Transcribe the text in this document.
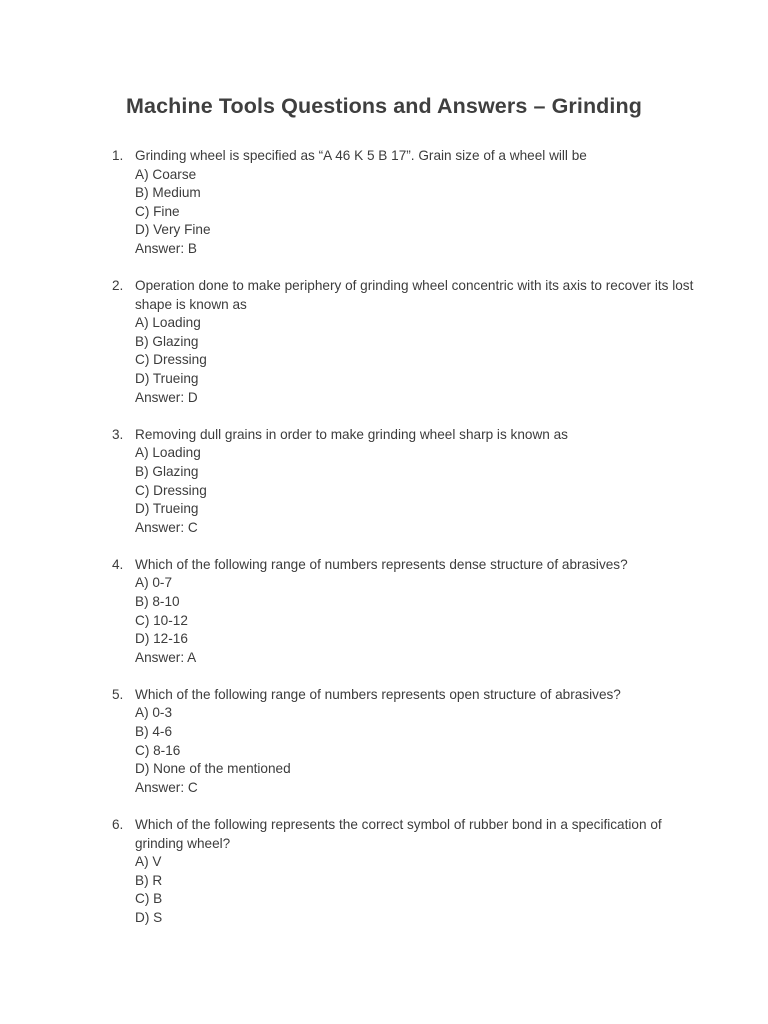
Machine Tools Questions and Answers – Grinding
1. Grinding wheel is specified as “A 46 K 5 B 17”. Grain size of a wheel will be
A) Coarse
B) Medium
C) Fine
D) Very Fine
Answer: B
2. Operation done to make periphery of grinding wheel concentric with its axis to recover its lost shape is known as
A) Loading
B) Glazing
C) Dressing
D) Trueing
Answer: D
3. Removing dull grains in order to make grinding wheel sharp is known as
A) Loading
B) Glazing
C) Dressing
D) Trueing
Answer: C
4. Which of the following range of numbers represents dense structure of abrasives?
A) 0-7
B) 8-10
C) 10-12
D) 12-16
Answer: A
5. Which of the following range of numbers represents open structure of abrasives?
A) 0-3
B) 4-6
C) 8-16
D) None of the mentioned
Answer: C
6. Which of the following represents the correct symbol of rubber bond in a specification of grinding wheel?
A) V
B) R
C) B
D) S
